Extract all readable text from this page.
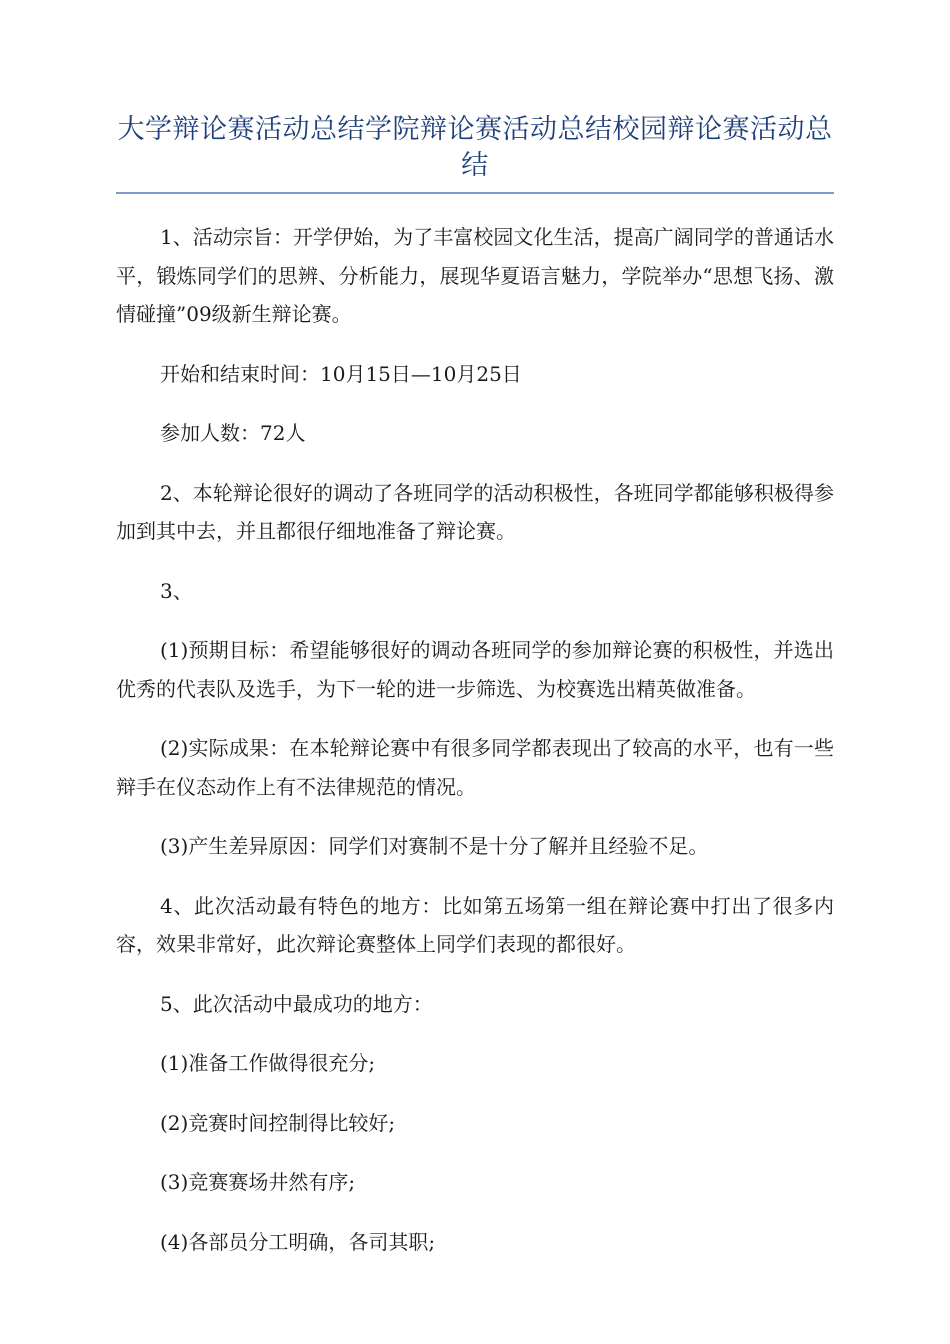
大学辩论赛活动总结学院辩论赛活动总结校园辩论赛活动总结

1、活动宗旨：开学伊始，为了丰富校园文化生活，提高广阔同学的普通话水平，锻炼同学们的思辨、分析能力，展现华夏语言魅力，学院举办“思想飞扬、激情碰撞”09级新生辩论赛。

开始和结束时间：10月15日—10月25日

参加人数：72人

2、本轮辩论很好的调动了各班同学的活动积极性，各班同学都能够积极得参加到其中去，并且都很仔细地准备了辩论赛。

3、

(1)预期目标：希望能够很好的调动各班同学的参加辩论赛的积极性，并选出优秀的代表队及选手，为下一轮的进一步筛选、为校赛选出精英做准备。

(2)实际成果：在本轮辩论赛中有很多同学都表现出了较高的水平，也有一些辩手在仪态动作上有不法律规范的情况。

(3)产生差异原因：同学们对赛制不是十分了解并且经验不足。

4、此次活动最有特色的地方：比如第五场第一组在辩论赛中打出了很多内容，效果非常好，此次辩论赛整体上同学们表现的都很好。

5、此次活动中最成功的地方：

(1)准备工作做得很充分;

(2)竞赛时间控制得比较好;

(3)竞赛赛场井然有序;

(4)各部员分工明确，各司其职;
